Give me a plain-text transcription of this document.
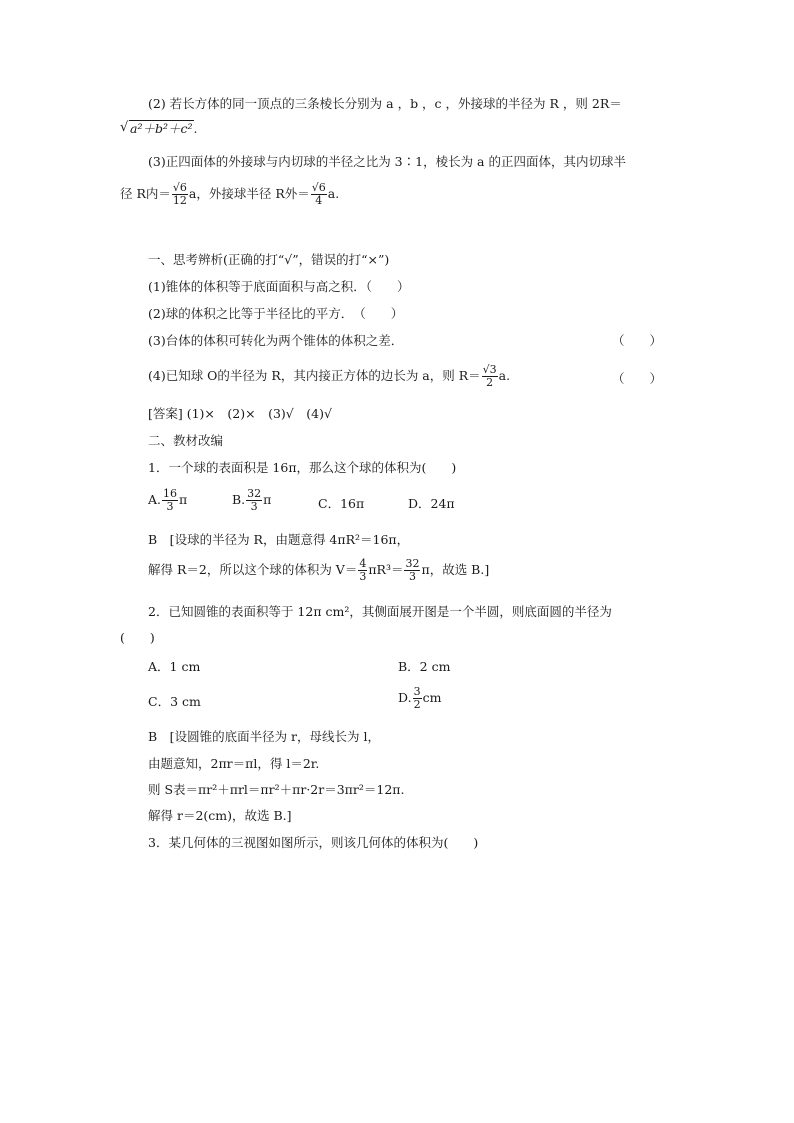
(2) 若长方体的同一顶点的三条棱长分别为 a ，b ，c ，外接球的半径为 R ，则 2R＝
√ a²＋b²＋c².
(3)正四面体的外接球与内切球的半径之比为 3∶1，棱长为 a 的正四面体，其内切球半
径 R内＝ $\frac{√6}{12}$ a，外接球半径 R外＝ $\frac{√6}{4} a$.
一、思考辨析(正确的打“√”，错误的打“×”)
(1)锥体的体积等于底面面积与高之积．（　　）
(2)球的体积之比等于半径比的平方．　（　　）
(3)台体的体积可转化为两个锥体的体积之差．	（　　）
(4)已知球 O的半径为 R，其内接正方体的边长为 a，则 $R= \frac{√3}{2} a$.	（　　）
[答案] (1)×　(2)×　(3)√　(4)√
二、教材改编
1．一个球的表面积是 16π，那么这个球的体积为(　　)
A. $\frac{16}{3}$ π	B. $\frac{32}{3}$ π	C．16π	D．24π
B　[设球的半径为 R，由题意得 4πR²＝16π，
解得 R＝2，所以这个球的体积为 $V= \frac{4}{3} \pi R^3= \frac{32}{3}$ π，故选 B.]
2．已知圆锥的表面积等于 12π cm²，其侧面展开图是一个半圆，则底面圆的半径为
(　　)
A．1 cm	B．2 cm
C．3 cm	D. $\frac{3}{2}$ cm
B　[设圆锥的底面半径为 r，母线长为 l，
由题意知，2πr＝πl，得 l＝2r.
则 S表＝πr²＋πrl＝πr²＋πr·2r＝3πr²＝12π.
解得 r＝2(cm)，故选 B.]
3．某几何体的三视图如图所示，则该几何体的体积为(　　)
